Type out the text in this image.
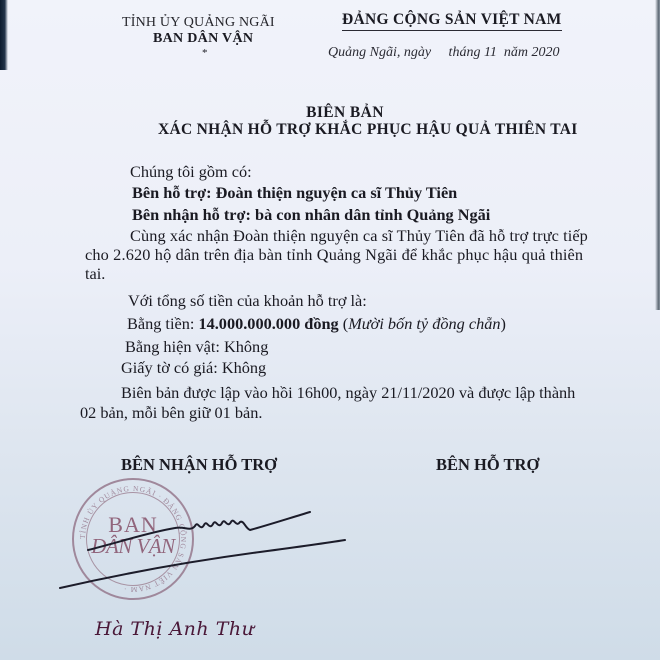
TỈNH ỦY QUẢNG NGÃI
BAN DÂN VẬN
*
ĐẢNG CỘNG SẢN VIỆT NAM
Quảng Ngãi, ngày     tháng 11  năm 2020
BIÊN BẢN
XÁC NHẬN HỖ TRỢ KHẮC PHỤC HẬU QUẢ THIÊN TAI
Chúng tôi gồm có:
Bên hỗ trợ: Đoàn thiện nguyện ca sĩ Thủy Tiên
Bên nhận hỗ trợ: bà con nhân dân tỉnh Quảng Ngãi
Cùng xác nhận Đoàn thiện nguyện ca sĩ Thủy Tiên đã hỗ trợ trực tiếp
cho 2.620 hộ dân trên địa bàn tỉnh Quảng Ngãi để khắc phục hậu quả thiên
tai.
Với tổng số tiền của khoản hỗ trợ là:
Bằng tiền: 14.000.000.000 đồng (Mười bốn tỷ đồng chẵn)
Bằng hiện vật: Không
Giấy tờ có giá: Không
Biên bản được lập vào hồi 16h00, ngày 21/11/2020 và được lập thành
02 bản, mỗi bên giữ 01 bản.
BÊN NHẬN HỖ TRỢ	BÊN HỖ TRỢ
TỈNH ỦY QUẢNG NGÃI · ĐẢNG CỘNG SẢN VIỆT NAM ·
BAN
DÂN VẬN
Hà Thị Anh Thư
